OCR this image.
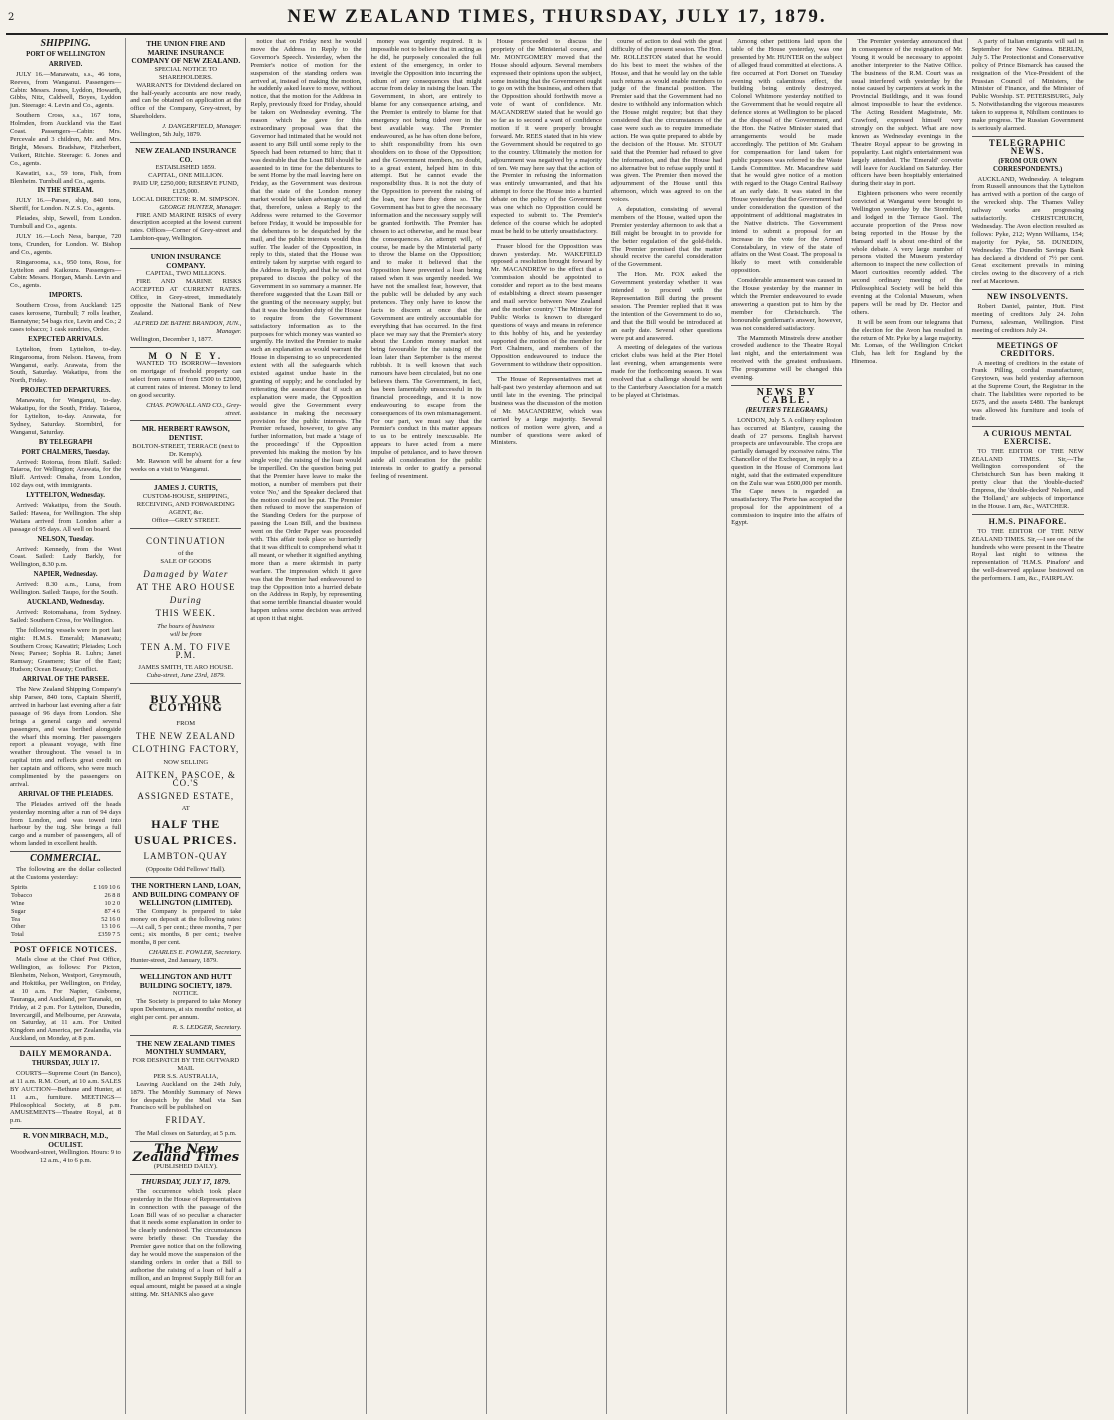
2	NEW ZEALAND TIMES, THURSDAY, JULY 17, 1879.
SHIPPING.
PORT OF WELLINGTON
ARRIVED.

JULY 16.—Manawatu, s.s., 46 tons, Reeves, from Wanganui. Passengers—Cabin: Messrs. Jones, Lyddon, Howarth, Gibbs, Nitz, Caldwell, Boyes, Lyddon jun. Steerage: 4. Levin and Co., agents.

Southern Cross, s.s., 167 tons, Holmden, from Auckland via the East Coast. Passengers—Cabin: Mrs. Percevale and 3 children, Mr. and Mrs. Bright, Messrs. Bradshaw, Fitzherbert, Vuikert, Ritchie. Steerage: 6. Jones and Co., agents.

Kawatiri, s.s., 59 tons, Fish, from Blenheim. Turnbull and Co., agents.

IN THE STREAM.

JULY 16.—Parsee, ship, 840 tons, Sheriff, for London. N.Z.S. Co., agents.

Pleiades, ship, Sewell, from London. Turnbull and Co., agents.

JULY 16.—Loch Ness, barque, 720 tons, Crunden, for London. W. Bishop and Co., agents.

Ringarooma, s.s., 950 tons, Ross, for Lyttelton and Kaikoura. Passengers—Cabin: Messrs. Horgan, Marsh. Levin and Co., agents.

IMPORTS.

Southern Cross, from Auckland: 125 cases kerosene, Turnbull; 7 rolls leather, Bannatyne; 54 bags rice, Levin and Co.; 2 cases tobacco; 1 cask sundries, Order.

EXPECTED ARRIVALS.

Lyttelton, from Lyttelton, to-day. Ringarooma, from Nelson. Hawea, from Wanganui, early. Arawata, from the South, Saturday. Wakatipu, from the North, Friday.

PROJECTED DEPARTURES.

Manawatu, for Wanganui, to-day. Wakatipu, for the South, Friday. Taiaroa, for Lyttelton, to-day. Arawata, for Sydney, Saturday. Stormbird, for Wanganui, Saturday.

BY TELEGRAPH
PORT CHALMERS, Tuesday.

Arrived: Rotorua, from Bluff. Sailed: Taiaroa, for Wellington; Arawata, for the Bluff. Arrived: Omaha, from London, 102 days out, with immigrants.

LYTTELTON, Wednesday.

Arrived: Wakatipu, from the South. Sailed: Hawea, for Wellington. The ship Waitara arrived from London after a passage of 95 days. All well on board.

NELSON, Tuesday.

Arrived: Kennedy, from the West Coast. Sailed: Lady Barkly, for Wellington, 8.30 p.m.

NAPIER, Wednesday.

Arrived: 8.30 a.m., Luna, from Wellington. Sailed: Taupo, for the South.

AUCKLAND, Wednesday.

Arrived: Rotomahana, from Sydney. Sailed: Southern Cross, for Wellington.

The following vessels were in port last night: H.M.S. Emerald; Manawatu; Southern Cross; Kawatiri; Pleiades; Loch Ness; Parsee; Sophia R. Luhrs; Janet Ramsay; Grasmere; Star of the East; Hudson; Ocean Beauty; Conflict.

ARRIVAL OF THE PARSEE.

The New Zealand Shipping Company's ship Parsee, 840 tons, Captain Sheriff, arrived in harbour last evening after a fair passage of 96 days from London. She brings a general cargo and several passengers, and was berthed alongside the wharf this morning. Her passengers report a pleasant voyage, with fine weather throughout. The vessel is in capital trim and reflects great credit on her captain and officers, who were much complimented by the passengers on arrival.

ARRIVAL OF THE PLEIADES.

The Pleiades arrived off the heads yesterday morning after a run of 94 days from London, and was towed into harbour by the tug. She brings a full cargo and a number of passengers, all of whom landed in excellent health.

COMMERCIAL.

The following are the dollar collected at the Customs yesterday:

Spirits	£ 169 10 6
Tobacco	26 8 8
Wine	10 2 0
Sugar	87 4 6
Tea	52 16 0
Other	13 10 6
Total	£359 7 5
POST OFFICE NOTICES.

Mails close at the Chief Post Office, Wellington, as follows: For Picton, Blenheim, Nelson, Westport, Greymouth, and Hokitika, per Wellington, on Friday, at 10 a.m. For Napier, Gisborne, Tauranga, and Auckland, per Taranaki, on Friday, at 2 p.m. For Lyttelton, Dunedin, Invercargill, and Melbourne, per Arawata, on Saturday, at 11 a.m. For United Kingdom and America, per Zealandia, via Auckland, on Monday, at 8 p.m.

DAILY MEMORANDA.
THURSDAY, JULY 17.

COURTS—Supreme Court (in Banco), at 11 a.m. R.M. Court, at 10 a.m. SALES BY AUCTION—Bethune and Hunter, at 11 a.m., furniture. MEETINGS—Philosophical Society, at 8 p.m. AMUSEMENTS—Theatre Royal, at 8 p.m.

R. VON MIRBACH, M.D., OCULIST.
Woodward-street, Wellington. Hours: 9 to 12 a.m., 4 to 6 p.m.
THE UNION FIRE AND MARINE INSURANCE COMPANY OF NEW ZEALAND.
SPECIAL NOTICE TO SHAREHOLDERS.

WARRANTS for Dividend declared on the half-yearly accounts are now ready, and can be obtained on application at the office of the Company, Grey-street, by Shareholders.

J. DANGERFIELD, Manager.
Wellington, 5th July, 1879.
NEW ZEALAND INSURANCE CO.
ESTABLISHED 1859.
CAPITAL, ONE MILLION.
PAID UP, £250,000; RESERVE FUND, £125,000.
LOCAL DIRECTOR: R. M. SIMPSON.
GEORGE HUNTER, Manager.

FIRE AND MARINE RISKS of every description accepted at the lowest current rates. Offices—Corner of Grey-street and Lambton-quay, Wellington.

UNION INSURANCE COMPANY.
CAPITAL, TWO MILLIONS.

FIRE AND MARINE RISKS ACCEPTED AT CURRENT RATES. Office, in Grey-street, immediately opposite the National Bank of New Zealand.

ALFRED DE BATHE BRANDON, JUN., Manager.
Wellington, December 1, 1877.
M O N E Y.

WANTED TO BORROW—Investors on mortgage of freehold property can select from sums of from £500 to £2000, at current rates of interest. Money to lend on good security.

CHAS. POWNALL AND CO., Grey-street.
MR. HERBERT RAWSON, DENTIST.
BOLTON-STREET, TERRACE (next to Dr. Kemp's).

Mr. Rawson will be absent for a few weeks on a visit to Wanganui.

JAMES J. CURTIS,
CUSTOM-HOUSE, SHIPPING, RECEIVING, AND FORWARDING AGENT, &c.
Office—GREY STREET.
CONTINUATION
of the
SALE OF GOODS
Damaged by Water
AT THE ARO HOUSE
During
THIS WEEK.
The hours of business
will be from
TEN A.M. TO FIVE P.M.
JAMES SMITH, TE ARO HOUSE.
Cuba-street, June 23rd, 1879.
BUY YOUR CLOTHING
FROM
THE NEW ZEALAND
CLOTHING FACTORY,
NOW SELLING
AITKEN, PASCOE, & CO.'S
ASSIGNED ESTATE,
AT
HALF THE
USUAL PRICES.
LAMBTON-QUAY
(Opposite Odd Fellows' Hall).
THE NORTHERN LAND, LOAN, AND BUILDING COMPANY OF WELLINGTON (LIMITED).

The Company is prepared to take money on deposit at the following rates:—At call, 5 per cent.; three months, 7 per cent.; six months, 8 per cent.; twelve months, 8 per cent.

CHARLES E. FOWLER, Secretary.
Hunter-street, 2nd January, 1879.
WELLINGTON AND HUTT BUILDING SOCIETY, 1879.
NOTICE.

The Society is prepared to take Money upon Debentures, at six months' notice, at eight per cent. per annum.

R. S. LEDGER, Secretary.
THE NEW ZEALAND TIMES MONTHLY SUMMARY,
FOR DESPATCH BY THE OUTWARD MAIL
PER S.S. AUSTRALIA,

Leaving Auckland on the 24th July, 1879. The Monthly Summary of News for despatch by the Mail via San Francisco will be published on

FRIDAY.
The Mail closes on Saturday, at 5 p.m.
The New Zealand Times
(PUBLISHED DAILY).
THURSDAY, JULY 17, 1879.

The occurrence which took place yesterday in the House of Representatives in connection with the passage of the Loan Bill was of so peculiar a character that it needs some explanation in order to be clearly understood. The circumstances were briefly these: On Tuesday the Premier gave notice that on the following day he would move the suspension of the standing orders in order that a Bill to authorise the raising of a loan of half a million, and an Imprest Supply Bill for an equal amount, might be passed at a single sitting. Mr. SHANKS also gave

notice that on Friday next he would move the Address in Reply to the Governor's Speech. Yesterday, when the Premier's notice of motion for the suspension of the standing orders was arrived at, instead of making the motion, he suddenly asked leave to move, without notice, that the motion for the Address in Reply, previously fixed for Friday, should be taken on Wednesday evening. The reason which he gave for this extraordinary proposal was that the Governor had intimated that he would not assent to any Bill until some reply to the Speech had been returned to him; that it was desirable that the Loan Bill should be assented to in time for the debentures to be sent Home by the mail leaving here on Friday, as the Government was desirous that the state of the London money market would be taken advantage of; and that, therefore, unless a Reply to the Address were returned to the Governor before Friday, it would be impossible for the debentures to be despatched by the mail, and the public interests would thus suffer. The leader of the Opposition, in reply to this, stated that the House was entirely taken by surprise with regard to the Address in Reply, and that he was not prepared to discuss the policy of the Government in so summary a manner. He therefore suggested that the Loan Bill or the granting of the necessary supply; but that it was the bounden duty of the House to require from the Government satisfactory information as to the purposes for which money was wanted so urgently. He invited the Premier to make such an explanation as would warrant the House in dispensing to so unprecedented extent with all the safeguards which existed against undue haste in the granting of supply; and he concluded by reiterating the assurance that if such an explanation were made, the Opposition would give the Government every assistance in making the necessary provision for the public interests. The Premier refused, however, to give any further information, but made a 'stage of the proceedings' if the Opposition prevented his making the motion 'by his single vote,' the raising of the loan would be imperilled. On the question being put that the Premier have leave to make the motion, a number of members put their voice 'No,' and the Speaker declared that the motion could not be put. The Premier then refused to move the suspension of the Standing Orders for the purpose of passing the Loan Bill, and the business went on the Order Paper was proceeded with. This affair took place so hurriedly that it was difficult to comprehend what it all meant, or whether it signified anything more than a mere skirmish in party warfare. The impression which it gave was that the Premier had endeavoured to trap the Opposition into a hurried debate on the Address in Reply, by representing that some terrible financial disaster would happen unless some decision was arrived at upon it that night.

money was urgently required. It is impossible not to believe that in acting as he did, he purposely concealed the full extent of the emergency, in order to inveigle the Opposition into incurring the odium of any consequences that might accrue from delay in raising the loan. The Government, in short, are entirely to blame for any consequence arising, and the Premier is entirely to blame for that emergency not being tided over in the best available way. The Premier endeavoured, as he has often done before, to shift responsibility from his own shoulders on to those of the Opposition; and the Government members, no doubt, to a great extent, helped him in this attempt. But he cannot evade the responsibility thus. It is not the duty of the Opposition to prevent the raising of the loan, nor have they done so. The Government has but to give the necessary information and the necessary supply will be granted forthwith. The Premier has chosen to act otherwise, and he must bear the consequences. An attempt will, of course, be made by the Ministerial party to throw the blame on the Opposition; and to make it believed that the Opposition have prevented a loan being raised when it was urgently needed. We have not the smallest fear, however, that the public will be deluded by any such pretences. They only have to know the facts to discern at once that the Government are entirely accountable for everything that has occurred. In the first place we may say that the Premier's story about the London money market not being favourable for the raising of the loan later than September is the merest rubbish. It is well known that such rumours have been circulated, but no one believes them. The Government, in fact, has been lamentably unsuccessful in its financial proceedings, and it is now endeavouring to escape from the consequences of its own mismanagement. For our part, we must say that the Premier's conduct in this matter appears to us to be entirely inexcusable. He appears to have acted from a mere impulse of petulance, and to have thrown aside all consideration for the public interests in order to gratify a personal feeling of resentment.

House proceeded to discuss the propriety of the Ministerial course, and Mr. MONTGOMERY moved that the House should adjourn. Several members expressed their opinions upon the subject, some insisting that the Government ought to go on with the business, and others that the Opposition should forthwith move a vote of want of confidence. Mr. MACANDREW stated that he would go so far as to second a want of confidence motion if it were properly brought forward. Mr. REES stated that in his view the Government should be required to go to the country. Ultimately the motion for adjournment was negatived by a majority of ten. We may here say that the action of the Premier in refusing the information was entirely unwarranted, and that his attempt to force the House into a hurried debate on the policy of the Government was one which no Opposition could be expected to submit to. The Premier's defence of the course which he adopted must be held to be utterly unsatisfactory.

Fraser blood for the Opposition was drawn yesterday. Mr. WAKEFIELD opposed a resolution brought forward by Mr. MACANDREW to the effect that a 'commission should be appointed to consider and report as to the best means of establishing a direct steam passenger and mail service between New Zealand and the mother country.' The Minister for Public Works is known to disregard questions of ways and means in reference to this hobby of his, and he yesterday supported the motion of the member for Port Chalmers, and members of the Opposition endeavoured to induce the Government to withdraw their opposition.

The House of Representatives met at half-past two yesterday afternoon and sat until late in the evening. The principal business was the discussion of the motion of Mr. MACANDREW, which was carried by a large majority. Several notices of motion were given, and a number of questions were asked of Ministers.

course of action to deal with the great difficulty of the present session. The Hon. Mr. ROLLESTON stated that he would do his best to meet the wishes of the House, and that he would lay on the table such returns as would enable members to judge of the financial position. The Premier said that the Government had no desire to withhold any information which the House might require; but that they considered that the circumstances of the case were such as to require immediate action. He was quite prepared to abide by the decision of the House. Mr. STOUT said that the Premier had refused to give the information, and that the House had no alternative but to refuse supply until it was given. The Premier then moved the adjournment of the House until this afternoon, which was agreed to on the voices.

A deputation, consisting of several members of the House, waited upon the Premier yesterday afternoon to ask that a Bill might be brought in to provide for the better regulation of the gold-fields. The Premier promised that the matter should receive the careful consideration of the Government.

The Hon. Mr. FOX asked the Government yesterday whether it was intended to proceed with the Representation Bill during the present session. The Premier replied that it was the intention of the Government to do so, and that the Bill would be introduced at an early date. Several other questions were put and answered.

A meeting of delegates of the various cricket clubs was held at the Pier Hotel last evening, when arrangements were made for the forthcoming season. It was resolved that a challenge should be sent to the Canterbury Association for a match to be played at Christmas.

Among other petitions laid upon the table of the House yesterday, was one presented by Mr. HUNTER on the subject of alleged fraud committed at elections. A fire occurred at Fort Dorset on Tuesday evening with calamitous effect, the building being entirely destroyed. Colonel Whitmore yesterday notified to the Government that he would require all defence stores at Wellington to be placed at the disposal of the Government, and the Hon. the Native Minister stated that arrangements would be made accordingly. The petition of Mr. Graham for compensation for land taken for public purposes was referred to the Waste Lands Committee. Mr. Macandrew said that he would give notice of a motion with regard to the Otago Central Railway at an early date. It was stated in the House yesterday that the Government had under consideration the question of the appointment of additional magistrates in the Native districts. The Government intend to submit a proposal for an increase in the vote for the Armed Constabulary, in view of the state of affairs on the West Coast. The proposal is likely to meet with considerable opposition.

Considerable amusement was caused in the House yesterday by the manner in which the Premier endeavoured to evade answering a question put to him by the member for Christchurch. The honourable gentleman's answer, however, was not considered satisfactory.

The Mammoth Minstrels drew another crowded audience to the Theatre Royal last night, and the entertainment was received with the greatest enthusiasm. The programme will be changed this evening.

NEWS BY CABLE.
(REUTER'S TELEGRAMS.)

LONDON, July 5. A colliery explosion has occurred at Blantyre, causing the death of 27 persons. English harvest prospects are unfavourable. The crops are partially damaged by excessive rains. The Chancellor of the Exchequer, in reply to a question in the House of Commons last night, said that the estimated expenditure on the Zulu war was £600,000 per month. The Cape news is regarded as unsatisfactory. The Porte has accepted the proposal for the appointment of a commission to inquire into the affairs of Egypt.

The Premier yesterday announced that in consequence of the resignation of Mr. Young it would be necessary to appoint another interpreter to the Native Office. The business of the R.M. Court was as usual interfered with yesterday by the noise caused by carpenters at work in the Provincial Buildings, and it was found almost impossible to hear the evidence. The Acting Resident Magistrate, Mr. Crawford, expressed himself very strongly on the subject. What are now known as Wednesday evenings in the Theatre Royal appear to be growing in popularity. Last night's entertainment was largely attended. The 'Emerald' corvette will leave for Auckland on Saturday. Her officers have been hospitably entertained during their stay in port.

Eighteen prisoners who were recently convicted at Wanganui were brought to Wellington yesterday by the Stormbird, and lodged in the Terrace Gaol. The accurate proportion of the Press now being reported in the House by the Hansard staff is about one-third of the whole debate. A very large number of persons visited the Museum yesterday afternoon to inspect the new collection of Maori curiosities recently added. The second ordinary meeting of the Philosophical Society will be held this evening at the Colonial Museum, when papers will be read by Dr. Hector and others.

It will be seen from our telegrams that the election for the Avon has resulted in the return of Mr. Pyke by a large majority. Mr. Lomas, of the Wellington Cricket Club, has left for England by the Hinemoa.

A party of Italian emigrants will sail in September for New Guinea. BERLIN, July 5. The Protectionist and Conservative policy of Prince Bismarck has caused the resignation of the Vice-President of the Prussian Council of Ministers, the Minister of Finance, and the Minister of Public Worship. ST. PETERSBURG, July 5. Notwithstanding the vigorous measures taken to suppress it, Nihilism continues to make progress. The Russian Government is seriously alarmed.

TELEGRAPHIC NEWS.
(FROM OUR OWN CORRESPONDENTS.)

AUCKLAND, Wednesday. A telegram from Russell announces that the Lyttelton has arrived with a portion of the cargo of the wrecked ship. The Thames Valley railway works are progressing satisfactorily. CHRISTCHURCH, Wednesday. The Avon election resulted as follows: Pyke, 212; Wynn Williams, 154; majority for Pyke, 58. DUNEDIN, Wednesday. The Dunedin Savings Bank has declared a dividend of 7½ per cent. Great excitement prevails in mining circles owing to the discovery of a rich reef at Macetown.

NEW INSOLVENTS.

Robert Daniel, painter, Hutt. First meeting of creditors July 24. John Furness, salesman, Wellington. First meeting of creditors July 24.

MEETINGS OF CREDITORS.

A meeting of creditors in the estate of Frank Pilling, cordial manufacturer, Greytown, was held yesterday afternoon at the Supreme Court, the Registrar in the chair. The liabilities were reported to be £675, and the assets £480. The bankrupt was allowed his furniture and tools of trade.

A CURIOUS MENTAL EXERCISE.

TO THE EDITOR OF THE NEW ZEALAND TIMES. Sir,—The Wellington correspondent of the Christchurch Sun has been making it pretty clear that the 'double-ducted' Empress, the 'double-decked' Nelson, and the 'Holland,' are subjects of importance in the House. I am, &c., WATCHER.

H.M.S. PINAFORE.

TO THE EDITOR OF THE NEW ZEALAND TIMES. Sir,—I see one of the hundreds who were present in the Theatre Royal last night to witness the representation of 'H.M.S. Pinafore' and the well-deserved applause bestowed on the performers. I am, &c., FAIRPLAY.
